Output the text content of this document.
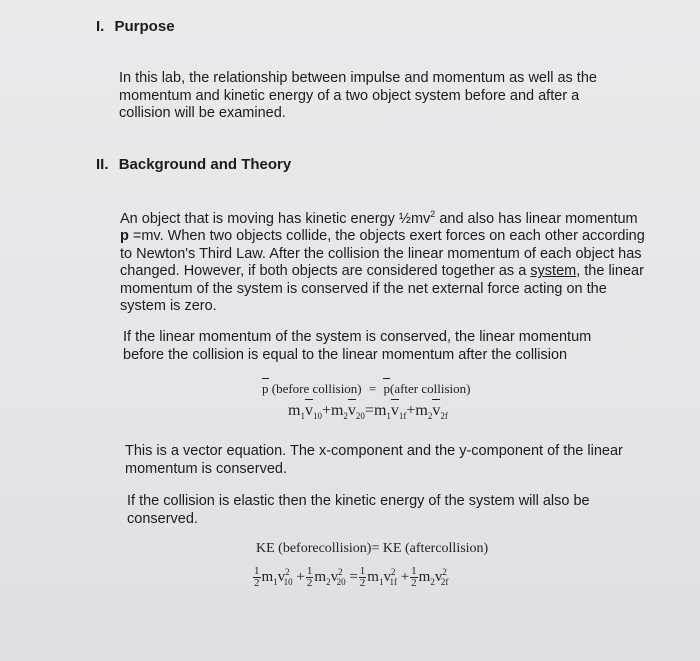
I. Purpose
In this lab, the relationship between impulse and momentum as well as the momentum and kinetic energy of a two object system before and after a collision will be examined.
II. Background and Theory
An object that is moving has kinetic energy $\frac{1}{2}mv^2$ and also has linear momentum p =mv. When two objects collide, the objects exert forces on each other according to Newton's Third Law. After the collision the linear momentum of each object has changed. However, if both objects are considered together as a system, the linear momentum of the system is conserved if the net external force acting on the system is zero.
If the linear momentum of the system is conserved, the linear momentum before the collision is equal to the linear momentum after the collision
p (before collision) = p(after collision)
$m_1v_{10}+m_2v_{20}=m_1v_{1f}+m_2v_{2f}$
This is a vector equation. The x-component and the y-component of the linear momentum is conserved.
If the collision is elastic then the kinetic energy of the system will also be conserved.
KE (beforecollision)= KE (aftercollision)
$\frac{1}{2} m_1v^2_{10} + \frac{1}{2} m_2v^2_{20} = \frac{1}{2} m_1v^2_{1f} + \frac{1}{2} m_2v^2_{2f}$
